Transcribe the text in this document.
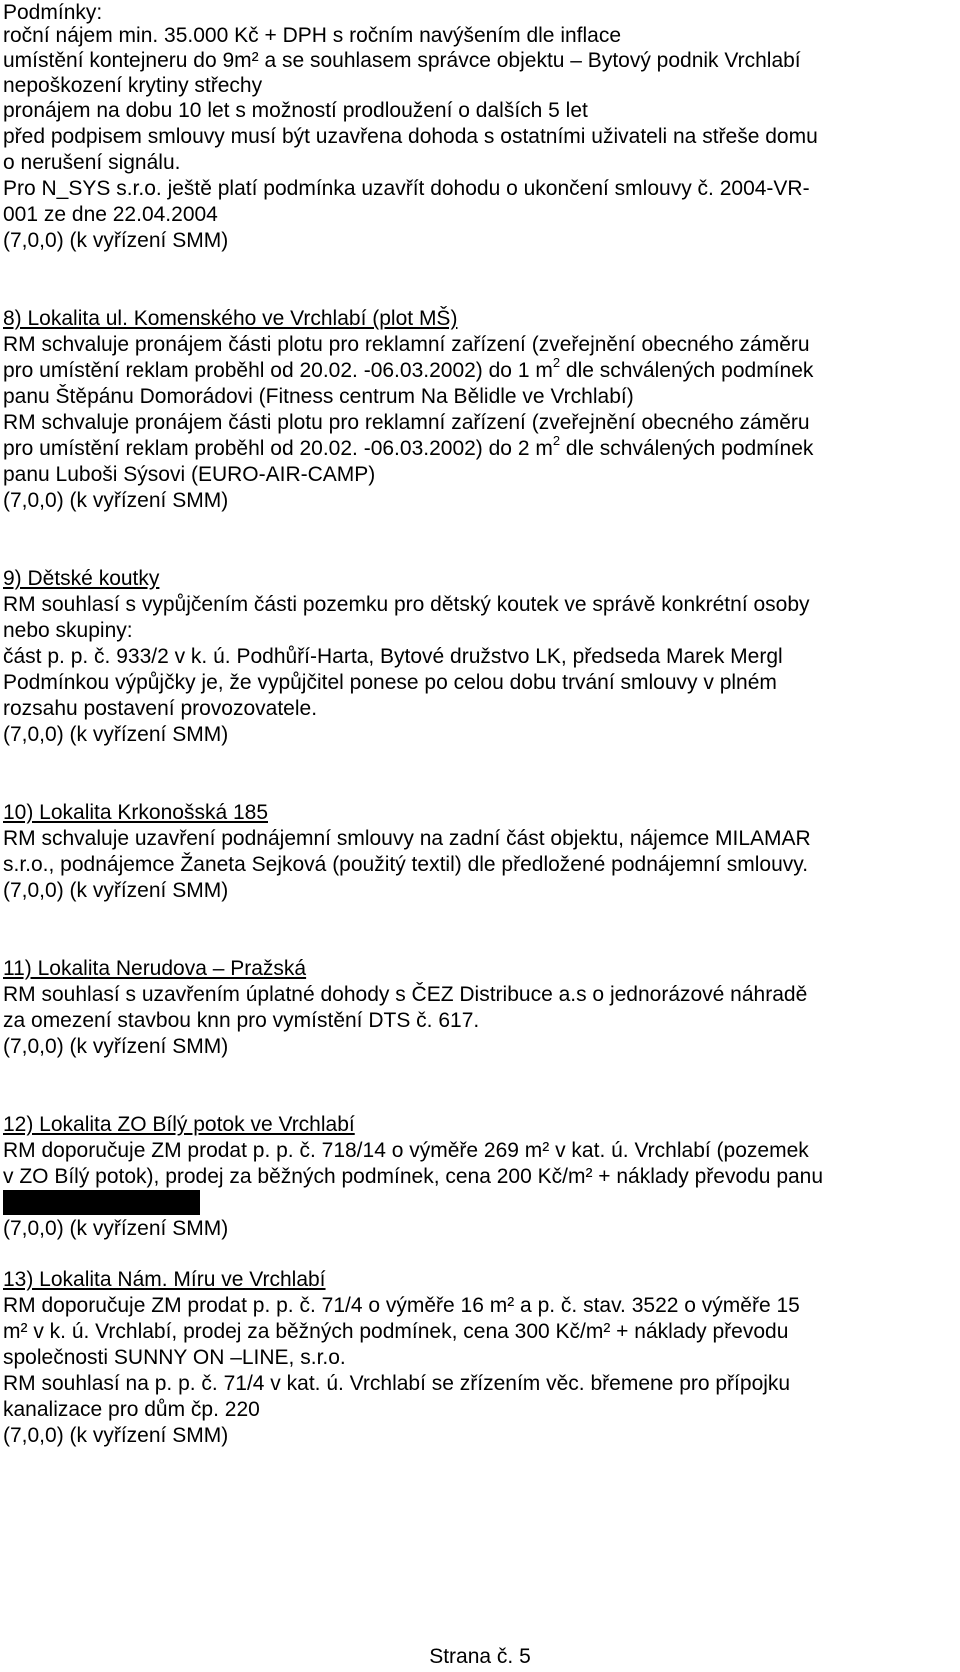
Podmínky:
roční nájem min. 35.000 Kč + DPH s ročním navýšením dle inflace
umístění kontejneru do 9m² a se souhlasem správce objektu – Bytový podnik Vrchlabí
nepoškození krytiny střechy
pronájem na dobu 10 let s možností prodloužení o dalších 5 let
před podpisem smlouvy musí být uzavřena dohoda s ostatními uživateli na střeše domu
o nerušení signálu.
Pro N_SYS s.r.o. ještě platí podmínka uzavřít dohodu o ukončení smlouvy č. 2004-VR-
001 ze dne 22.04.2004
(7,0,0) (k vyřízení SMM)
8) Lokalita ul. Komenského ve Vrchlabí (plot MŠ)
RM schvaluje pronájem části plotu pro reklamní zařízení (zveřejnění obecného záměru
pro umístění reklam proběhl od 20.02. -06.03.2002) do 1 $m^2$ dle schválených podmínek
panu Štěpánu Domorádovi (Fitness centrum Na Bělidle ve Vrchlabí)
RM schvaluje pronájem části plotu pro reklamní zařízení (zveřejnění obecného záměru
pro umístění reklam proběhl od 20.02. -06.03.2002) do 2 $m^2$ dle schválených podmínek
panu Luboši Sýsovi (EURO-AIR-CAMP)
(7,0,0) (k vyřízení SMM)
9) Dětské koutky
RM souhlasí s vypůjčením části pozemku pro dětský koutek ve správě konkrétní osoby
nebo skupiny:
část p. p. č. 933/2 v k. ú. Podhůří-Harta, Bytové družstvo LK, předseda Marek Mergl
Podmínkou výpůjčky je, že vypůjčitel ponese po celou dobu trvání smlouvy v plném
rozsahu postavení provozovatele.
(7,0,0) (k vyřízení SMM)
10) Lokalita Krkonošská 185
RM schvaluje uzavření podnájemní smlouvy na zadní část objektu, nájemce MILAMAR
s.r.o., podnájemce Žaneta Sejková (použitý textil) dle předložené podnájemní smlouvy.
(7,0,0) (k vyřízení SMM)
11) Lokalita Nerudova – Pražská
RM souhlasí s uzavřením úplatné dohody s ČEZ Distribuce a.s o jednorázové náhradě
za omezení stavbou knn pro vymístění DTS č. 617.
(7,0,0) (k vyřízení SMM)
12) Lokalita ZO Bílý potok ve Vrchlabí
RM doporučuje ZM prodat p. p. č. 718/14 o výměře 269 m² v kat. ú. Vrchlabí (pozemek
v ZO Bílý potok), prodej za běžných podmínek, cena 200 Kč/m² + náklady převodu panu
(7,0,0) (k vyřízení SMM)
13) Lokalita Nám. Míru ve Vrchlabí
RM doporučuje ZM prodat p. p. č. 71/4 o výměře 16 m² a p. č. stav. 3522 o výměře 15
m² v k. ú. Vrchlabí, prodej za běžných podmínek, cena 300 Kč/m² + náklady převodu
společnosti SUNNY ON –LINE, s.r.o.
RM souhlasí na p. p. č. 71/4 v kat. ú. Vrchlabí se zřízením věc. břemene pro přípojku
kanalizace pro dům čp. 220
(7,0,0) (k vyřízení SMM)
Strana č. 5
